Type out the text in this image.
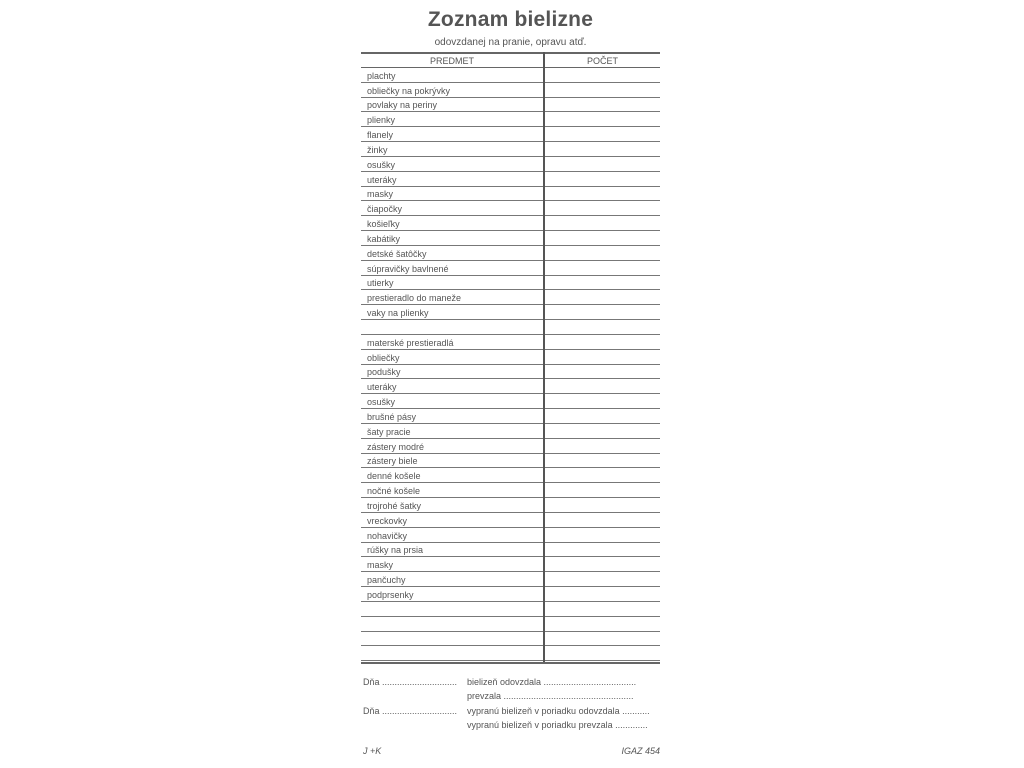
Zoznam bielizne
odovzdanej na pranie, opravu atď.
PREDMET	POČET
plachty
obliečky na pokrývky
povlaky na periny
plienky
flanely
žinky
osušky
uteráky
masky
čiapočky
košieľky
kabátiky
detské šatôčky
súpravičky bavlnené
utierky
prestieradlo do maneže
vaky na plienky
materské prestieradlá
obliečky
podušky
uteráky
osušky
brušné pásy
šaty pracie
zástery modré
zástery biele
denné košele
nočné košele
trojrohé šatky
vreckovky
nohavičky
rúšky na prsia
masky
pančuchy
podprsenky
Dňa .............................. bielizeň odovzdala .....................................
prevzala ....................................................
Dňa .............................. vypranú bielizeň v poriadku odovzdala ...........
vypranú bielizeň v poriadku prevzala .............
J +K	IGAZ 454
